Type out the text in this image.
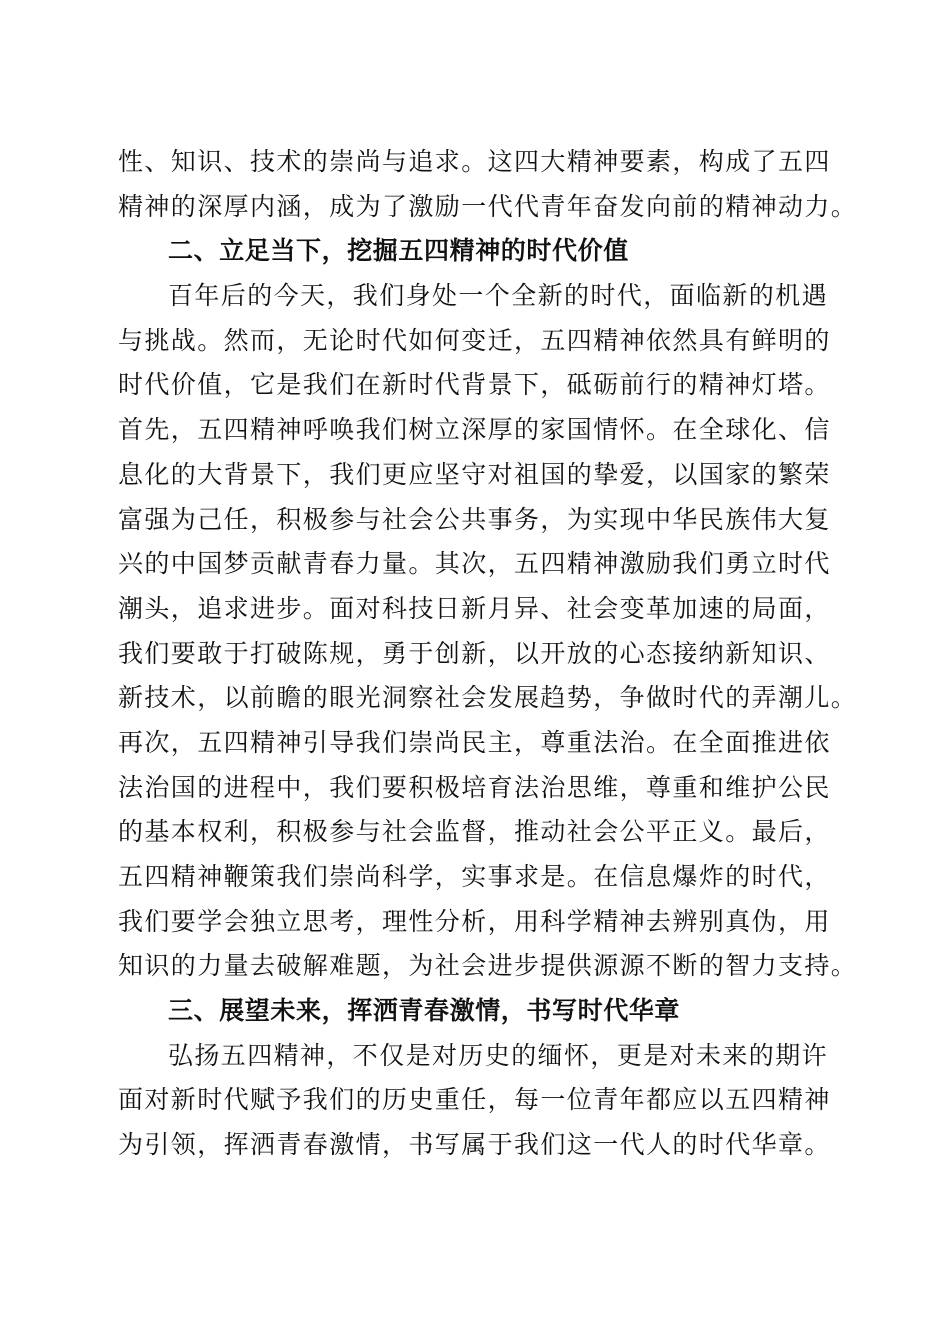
性、知识、技术的崇尚与追求。这四大精神要素，构成了五四
精神的深厚内涵，成为了激励一代代青年奋发向前的精神动力。
二、立足当下，挖掘五四精神的时代价值
百年后的今天，我们身处一个全新的时代，面临新的机遇
与挑战。然而，无论时代如何变迁，五四精神依然具有鲜明的
时代价值，它是我们在新时代背景下，砥砺前行的精神灯塔。
首先，五四精神呼唤我们树立深厚的家国情怀。在全球化、信
息化的大背景下，我们更应坚守对祖国的挚爱，以国家的繁荣
富强为己任，积极参与社会公共事务，为实现中华民族伟大复
兴的中国梦贡献青春力量。其次，五四精神激励我们勇立时代
潮头，追求进步。面对科技日新月异、社会变革加速的局面，
我们要敢于打破陈规，勇于创新，以开放的心态接纳新知识、
新技术，以前瞻的眼光洞察社会发展趋势，争做时代的弄潮儿。
再次，五四精神引导我们崇尚民主，尊重法治。在全面推进依
法治国的进程中，我们要积极培育法治思维，尊重和维护公民
的基本权利，积极参与社会监督，推动社会公平正义。最后，
五四精神鞭策我们崇尚科学，实事求是。在信息爆炸的时代，
我们要学会独立思考，理性分析，用科学精神去辨别真伪，用
知识的力量去破解难题，为社会进步提供源源不断的智力支持。
三、展望未来，挥洒青春激情，书写时代华章
弘扬五四精神，不仅是对历史的缅怀，更是对未来的期许
面对新时代赋予我们的历史重任，每一位青年都应以五四精神
为引领，挥洒青春激情，书写属于我们这一代人的时代华章。
